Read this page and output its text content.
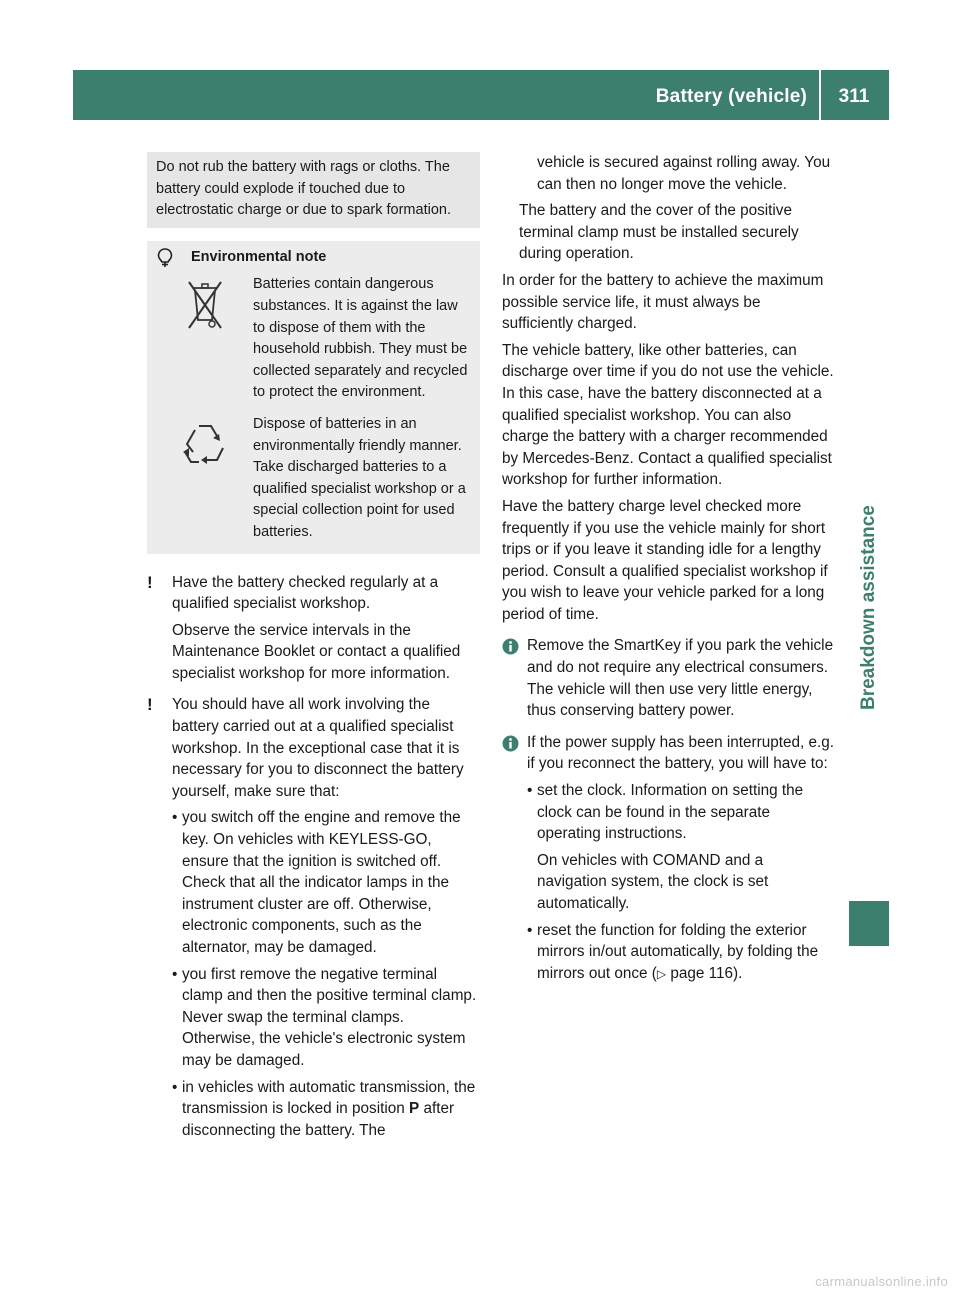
Battery (vehicle)	311
Breakdown assistance

Do not rub the battery with rags or cloths. The battery could explode if touched due to electrostatic charge or due to spark formation.

Environmental note
Batteries contain dangerous substances. It is against the law to dispose of them with the household rubbish. They must be collected separately and recycled to protect the environment.
Dispose of batteries in an environmentally friendly manner. Take discharged batteries to a qualified specialist workshop or a special collection point for used batteries.
!	Have the battery checked regularly at a qualified specialist workshop.

Observe the service intervals in the Maintenance Booklet or contact a qualified specialist workshop for more information.

!	You should have all work involving the battery carried out at a qualified specialist workshop. In the exceptional case that it is necessary for you to disconnect the battery yourself, make sure that:

• you switch off the engine and remove the key. On vehicles with KEYLESS-GO, ensure that the ignition is switched off. Check that all the indicator lamps in the instrument cluster are off. Otherwise, electronic components, such as the alternator, may be damaged.
• you first remove the negative terminal clamp and then the positive terminal clamp. Never swap the terminal clamps. Otherwise, the vehicle's electronic system may be damaged.
• in vehicles with automatic transmission, the transmission is locked in position P after disconnecting the battery. The

vehicle is secured against rolling away. You can then no longer move the vehicle.

The battery and the cover of the positive terminal clamp must be installed securely during operation.

In order for the battery to achieve the maximum possible service life, it must always be sufficiently charged.

The vehicle battery, like other batteries, can discharge over time if you do not use the vehicle. In this case, have the battery disconnected at a qualified specialist workshop. You can also charge the battery with a charger recommended by Mercedes-Benz. Contact a qualified specialist workshop for further information.

Have the battery charge level checked more frequently if you use the vehicle mainly for short trips or if you leave it standing idle for a lengthy period. Consult a qualified specialist workshop if you wish to leave your vehicle parked for a long period of time.

Remove the SmartKey if you park the vehicle and do not require any electrical consumers. The vehicle will then use very little energy, thus conserving battery power.

If the power supply has been interrupted, e.g. if you reconnect the battery, you will have to:

• set the clock. Information on setting the clock can be found in the separate operating instructions.
On vehicles with COMAND and a navigation system, the clock is set automatically.
• reset the function for folding the exterior mirrors in/out automatically, by folding the mirrors out once (▷ page 116).
carmanualsonline.info
